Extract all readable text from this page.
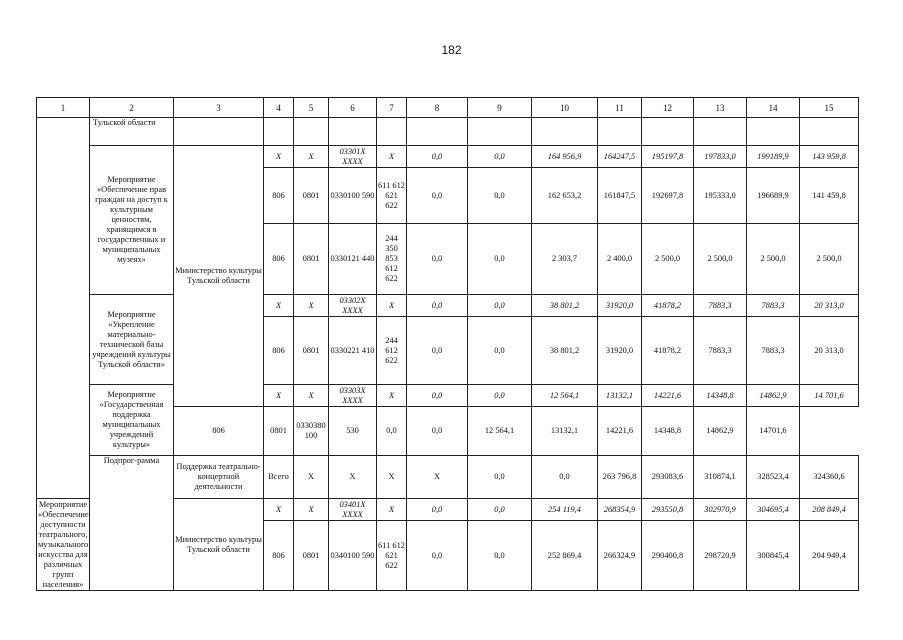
182
1	2	3	4	5	6	7	8	9	10	11	12	13	14	15	
	Тульской области														
	Мероприятие «Обеспечение прав граждан на доступ к культурным ценностям, хранящимся в государственных и муниципальных музеях»	Министерство культуры Тульской области	X	X	03301X XXXX	X	0,0	0,0	164 956,9	164247,5	195197,8	197833,0	199189,9	143 959,8	
			806	0801	0330100 590	611 612 621 622	0,0	0,0	162 653,2	161847,5	192697,8	195333,0	196689,9	141 459,8	
			806	0801	0330121 440	244 350 853 612 622	0,0	0,0	2 303,7	2 400,0	2 500,0	2 500,0	2 500,0	2 500,0	
	Мероприятие «Укрепление материально-технической базы учреждений культуры Тульской области»		X	X	03302X XXXX	X	0,0	0,0	38 801,2	31920,0	41878,2	7883,3	7883,3	20 313,0	
			806	0801	0330221 410	244 612 622	0,0	0,0	38 801,2	31920,0	41878,2	7883,3	7883,3	20 313,0	
	Мероприятие «Государственная поддержка муниципальных учреждений культуры»		X	X	03303X XXXX	X	0,0	0,0	12 564,1	13132,1	14221,6	14348,8	14862,9	14 701,6	
		806	0801	0330380 100	530	0,0	0,0	12 564,1	13132,1	14221,6	14348,8	14862,9	14701,6		
	Подпрог-рамма	Поддержка театрально-концертной деятельности	Всего	X	X	X	X	0,0	0,0	263 796,8	293083,6	310874,1	328523,4	324360,6	
Мероприятие «Обеспечение доступности театрального, музыкального искусства для различных групп населения»		Министерство культуры Тульской области	X	X	03401X XXXX	X	0,0	0,0	254 119,4	268354,9	293550,8	302970,9	304695,4	208 849,4	
			806	0801	0340100 590	611 612 621 622	0,0	0,0	252 869,4	266324,9	290400,8	298720,9	300845,4	204 949,4	
